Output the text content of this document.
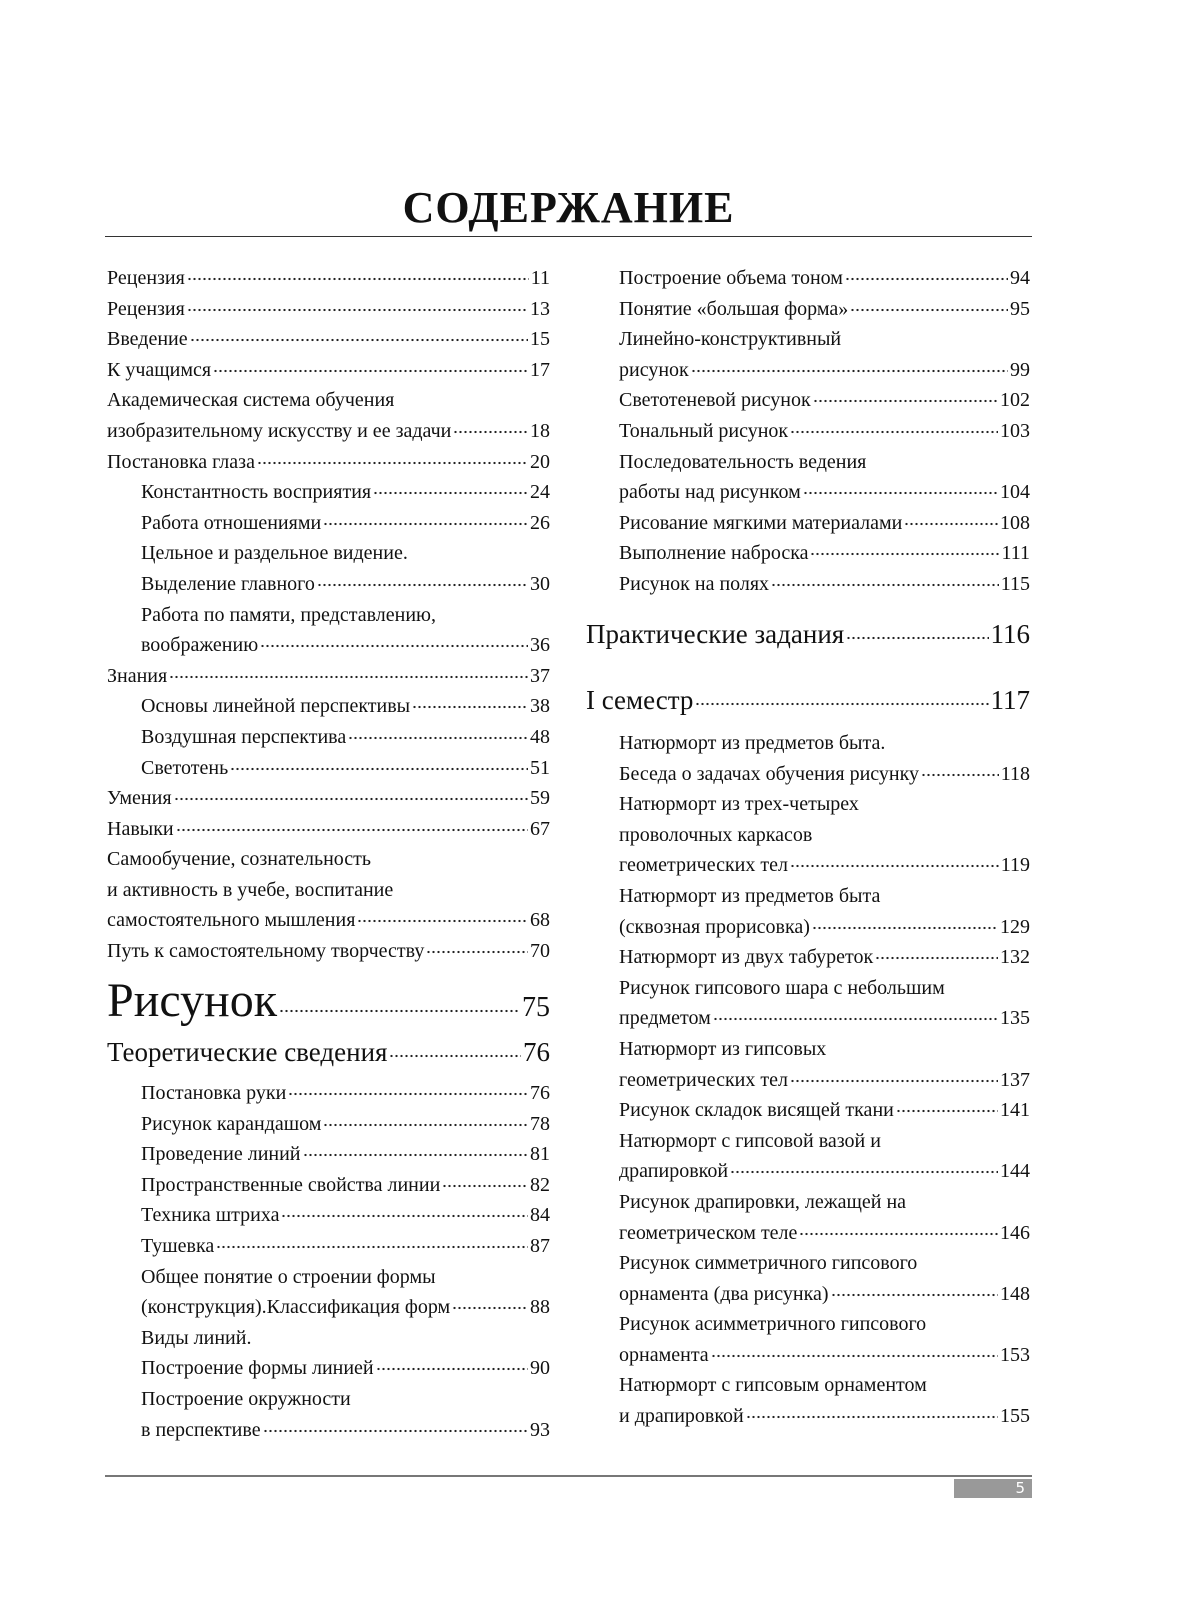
СОДЕРЖАНИЕ
Рецензия	11
Рецензия	13
Введение	15
К учащимся	17
Академическая система обучения
изобразительному искусству и ее задачи	18
Постановка глаза	20
Константность восприятия	24
Работа отношениями	26
Цельное и раздельное видение.
Выделение главного	30
Работа по памяти, представлению,
воображению	36
Знания	37
Основы линейной перспективы	38
Воздушная перспектива	48
Светотень	51
Умения	59
Навыки	67
Самообучение, сознательность
и активность в учебе, воспитание
самостоятельного мышления	68
Путь к самостоятельному творчеству	70
Рисунок	75
Теоретические сведения	76
Постановка руки	76
Рисунок карандашом	78
Проведение линий	81
Пространственные свойства линии	82
Техника штриха	84
Тушевка	87
Общее понятие о строении формы
(конструкция).Классификация форм	88
Виды линий.
Построение формы линией	90
Построение окружности
в перспективе	93
Построение объема тоном	94
Понятие «большая форма»	95
Линейно-конструктивный
рисунок	99
Светотеневой рисунок	102
Тональный рисунок	103
Последовательность ведения
работы над рисунком	104
Рисование мягкими материалами	108
Выполнение наброска	111
Рисунок на полях	115
Практические задания	116
I семестр	117
Натюрморт из предметов быта.
Беседа о задачах обучения рисунку	118
Натюрморт из трех-четырех
проволочных каркасов
геометрических тел	119
Натюрморт из предметов быта
(сквозная прорисовка)	129
Натюрморт из двух табуреток	132
Рисунок гипсового шара с небольшим
предметом	135
Натюрморт из гипсовых
геометрических тел	137
Рисунок складок висящей ткани	141
Натюрморт с гипсовой вазой и
драпировкой	144
Рисунок драпировки, лежащей на
геометрическом теле	146
Рисунок симметричного гипсового
орнамента (два рисунка)	148
Рисунок асимметричного гипсового
орнамента	153
Натюрморт с гипсовым орнаментом
и драпировкой	155
5
